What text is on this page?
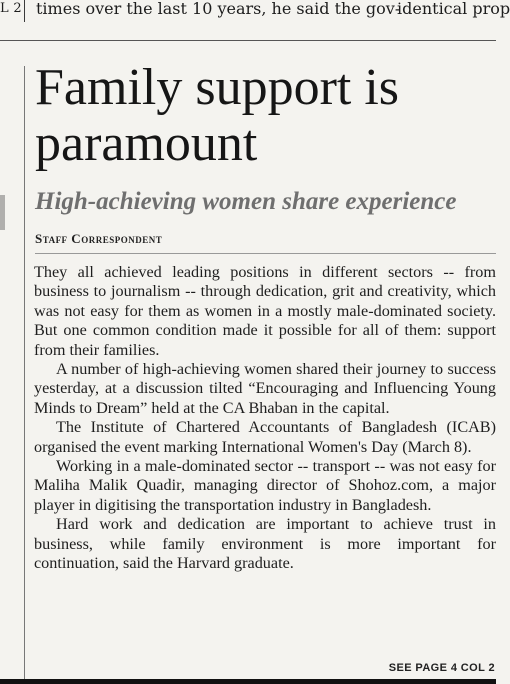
L 2 times over the last 10 years, he said the gov-
identical prop
Family support is paramount
High-achieving women share experience
Staff Correspondent

They all achieved leading positions in different sectors -- from business to journalism -- through dedication, grit and creativity, which was not easy for them as women in a mostly male-dominated society. But one common condition made it possible for all of them: support from their families.

A number of high-achieving women shared their journey to success yesterday, at a discussion tilted “Encouraging and Influencing Young Minds to Dream” held at the CA Bhaban in the capital.

The Institute of Chartered Accountants of Bangladesh (ICAB) organised the event marking International Women's Day (March 8).

Working in a male-dominated sector -- transport -- was not easy for Maliha Malik Quadir, managing director of Shohoz.com, a major player in digitising the transportation industry in Bangladesh.

Hard work and dedication are important to achieve trust in business, while family environment is more important for continuation, said the Harvard graduate.

SEE PAGE 4 COL 2
